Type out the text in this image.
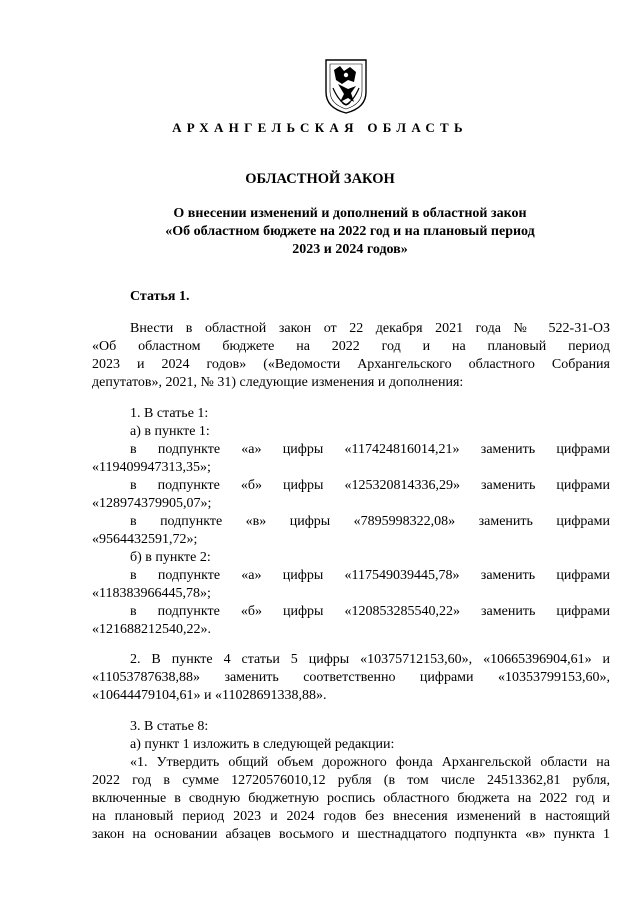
АРХАНГЕЛЬСКАЯ ОБЛАСТЬ
ОБЛАСТНОЙ ЗАКОН
О внесении изменений и дополнений в областной закон
«Об областном бюджете на 2022 год и на плановый период
2023 и 2024 годов»
Статья 1.
Внести в областной закон от 22 декабря 2021 года № 522-31-ОЗ
«Об областном бюджете на 2022 год и на плановый период
2023 и 2024 годов» («Ведомости Архангельского областного Собрания
депутатов», 2021, № 31) следующие изменения и дополнения:
1. В статье 1:
а) в пункте 1:
в подпункте «а» цифры «117424816014,21» заменить цифрами
«119409947313,35»;
в подпункте «б» цифры «125320814336,29» заменить цифрами
«128974379905,07»;
в подпункте «в» цифры «7895998322,08» заменить цифрами
«9564432591,72»;
б) в пункте 2:
в подпункте «а» цифры «117549039445,78» заменить цифрами
«118383966445,78»;
в подпункте «б» цифры «120853285540,22» заменить цифрами
«121688212540,22».
2. В пункте 4 статьи 5 цифры «10375712153,60», «10665396904,61» и
«11053787638,88» заменить соответственно цифрами «10353799153,60»,
«10644479104,61» и «11028691338,88».
3. В статье 8:
а) пункт 1 изложить в следующей редакции:
«1. Утвердить общий объем дорожного фонда Архангельской области на
2022 год в сумме 12720576010,12 рубля (в том числе 24513362,81 рубля,
включенные в сводную бюджетную роспись областного бюджета на 2022 год и
на плановый период 2023 и 2024 годов без внесения изменений в настоящий
закон на основании абзацев восьмого и шестнадцатого подпункта «в» пункта 1
